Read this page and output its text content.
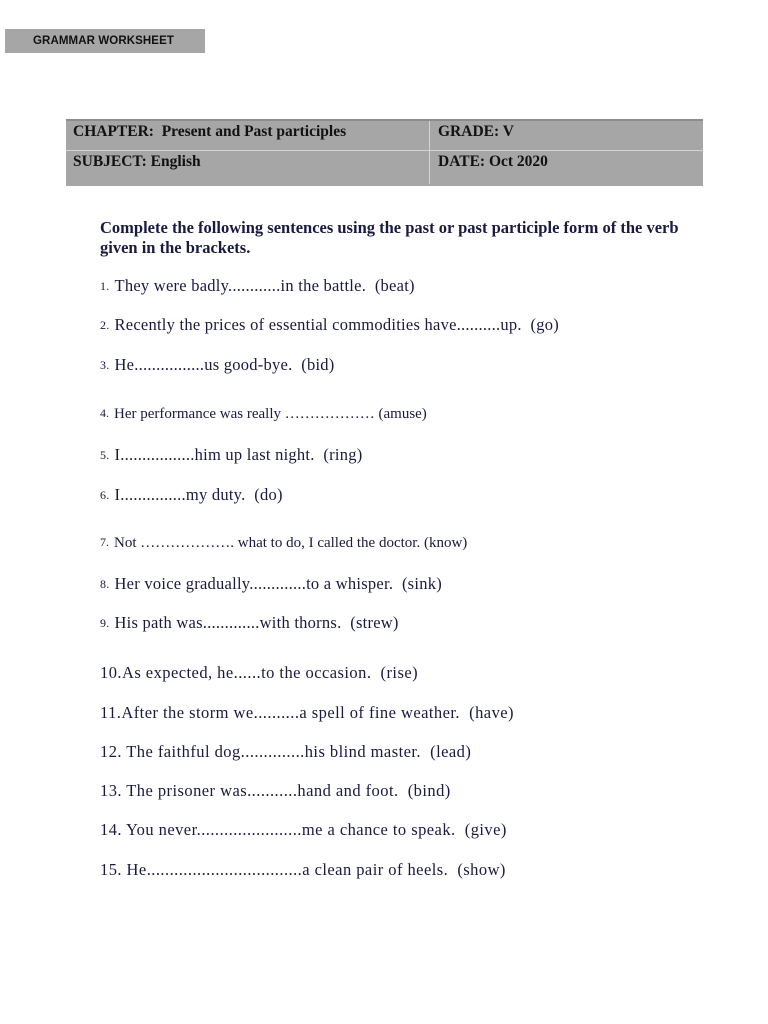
GRAMMAR WORKSHEET
CHAPTER:  Present and Past participles	GRADE: V
SUBJECT: English	DATE: Oct 2020
Complete the following sentences using the past or past participle form of the verb given in the brackets.
1. They were badly............in the battle.  (beat)
2. Recently the prices of essential commodities have..........up.  (go)
3. He................us good-bye.  (bid)
4. Her performance was really ……………… (amuse)
5. I.................him up last night.  (ring)
6. I...............my duty.  (do)
7. Not ………………. what to do, I called the doctor. (know)
8. Her voice gradually.............to a whisper.  (sink)
9. His path was.............with thorns.  (strew)
10.As expected, he......to the occasion.  (rise)
11.After the storm we..........a spell of fine weather.  (have)
12. The faithful dog..............his blind master.  (lead)
13. The prisoner was...........hand and foot.  (bind)
14. You never.......................me a chance to speak.  (give)
15. He..................................a clean pair of heels.  (show)
